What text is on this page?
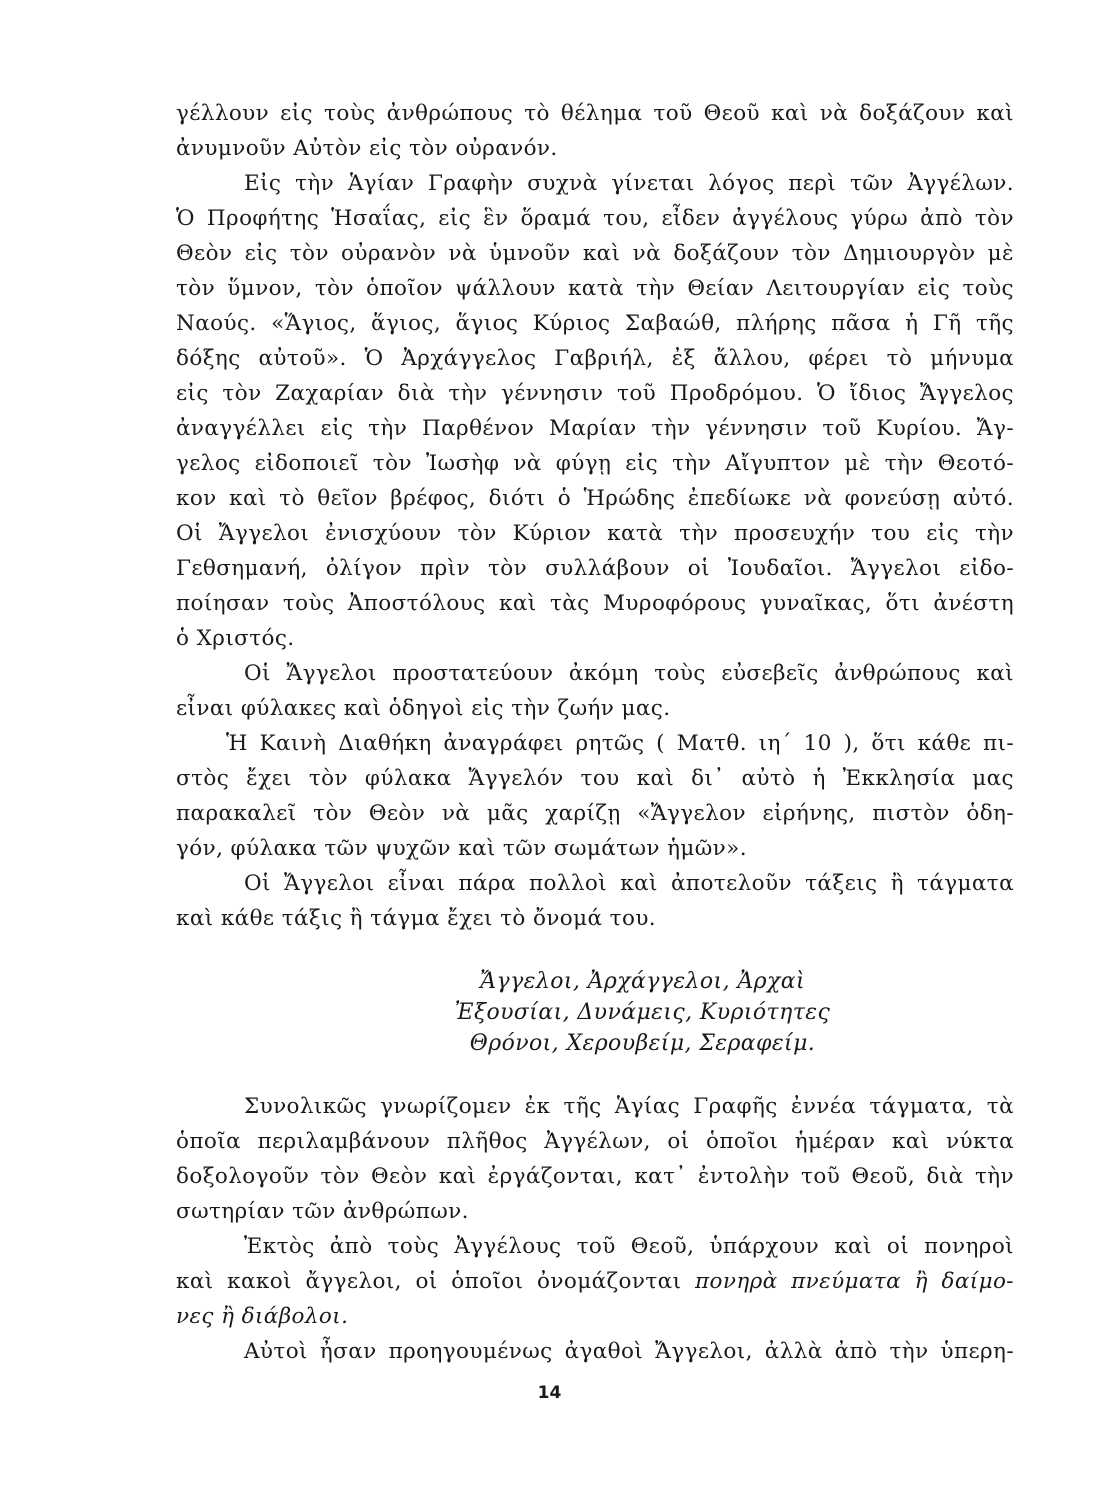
γέλλουν εἰς τοὺς ἀνθρώπους τὸ θέλημα τοῦ Θεοῦ καὶ νὰ δοξάζουν καὶ
ἀνυμνοῦν Αὐτὸν εἰς τὸν οὐρανόν.
Εἰς τὴν Ἁγίαν Γραφὴν συχνὰ γίνεται λόγος περὶ τῶν Ἀγγέλων.
Ὁ Προφήτης Ἡσαΐας, εἰς ἓν ὅραμά του, εἶδεν ἀγγέλους γύρω ἀπὸ τὸν
Θεὸν εἰς τὸν οὐρανὸν νὰ ὑμνοῦν καὶ νὰ δοξάζουν τὸν Δημιουργὸν μὲ
τὸν ὕμνον, τὸν ὁποῖον ψάλλουν κατὰ τὴν Θείαν Λειτουργίαν εἰς τοὺς
Ναούς. «Ἅγιος, ἅγιος, ἅγιος Κύριος Σαβαώθ, πλήρης πᾶσα ἡ Γῆ τῆς
δόξης αὐτοῦ». Ὁ Ἀρχάγγελος Γαβριήλ, ἐξ ἄλλου, φέρει τὸ μήνυμα
εἰς τὸν Ζαχαρίαν διὰ τὴν γέννησιν τοῦ Προδρόμου. Ὁ ἴδιος Ἄγγελος
ἀναγγέλλει εἰς τὴν Παρθένον Μαρίαν τὴν γέννησιν τοῦ Κυρίου. Ἄγ-
γελος εἰδοποιεῖ τὸν Ἰωσὴφ νὰ φύγῃ εἰς τὴν Αἴγυπτον μὲ τὴν Θεοτό-
κον καὶ τὸ θεῖον βρέφος, διότι ὁ Ἡρώδης ἐπεδίωκε νὰ φονεύσῃ αὐτό.
Οἱ Ἄγγελοι ἐνισχύουν τὸν Κύριον κατὰ τὴν προσευχήν του εἰς τὴν
Γεθσημανή, ὀλίγον πρὶν τὸν συλλάβουν οἱ Ἰουδαῖοι. Ἄγγελοι εἰδο-
ποίησαν τοὺς Ἀποστόλους καὶ τὰς Μυροφόρους γυναῖκας, ὅτι ἀνέστη
ὁ Χριστός.
Οἱ Ἄγγελοι προστατεύουν ἀκόμη τοὺς εὐσεβεῖς ἀνθρώπους καὶ
εἶναι φύλακες καὶ ὁδηγοὶ εἰς τὴν ζωήν μας.
Ἡ Καινὴ Διαθήκη ἀναγράφει ρητῶς ( Ματθ. ιη΄ 10 ), ὅτι κάθε πι-
στὸς ἔχει τὸν φύλακα Ἄγγελόν του καὶ δι᾽ αὐτὸ ἡ Ἐκκλησία μας
παρακαλεῖ τὸν Θεὸν νὰ μᾶς χαρίζῃ «Ἄγγελον εἰρήνης, πιστὸν ὁδη-
γόν, φύλακα τῶν ψυχῶν καὶ τῶν σωμάτων ἡμῶν».
Οἱ Ἄγγελοι εἶναι πάρα πολλοὶ καὶ ἀποτελοῦν τάξεις ἢ τάγματα
καὶ κάθε τάξις ἢ τάγμα ἔχει τὸ ὄνομά του.
Ἄγγελοι, Ἀρχάγγελοι, Ἀρχαὶ
Ἐξουσίαι, Δυνάμεις, Κυριότητες
Θρόνοι, Χερουβείμ, Σεραφείμ.
Συνολικῶς γνωρίζομεν ἐκ τῆς Ἁγίας Γραφῆς ἐννέα τάγματα, τὰ
ὁποῖα περιλαμβάνουν πλῆθος Ἀγγέλων, οἱ ὁποῖοι ἡμέραν καὶ νύκτα
δοξολογοῦν τὸν Θεὸν καὶ ἐργάζονται, κατ᾽ ἐντολὴν τοῦ Θεοῦ, διὰ τὴν
σωτηρίαν τῶν ἀνθρώπων.
Ἐκτὸς ἀπὸ τοὺς Ἀγγέλους τοῦ Θεοῦ, ὑπάρχουν καὶ οἱ πονηροὶ
καὶ κακοὶ ἄγγελοι, οἱ ὁποῖοι ὀνομάζονται πονηρὰ πνεύματα ἢ δαίμο-
νες ἢ διάβολοι.
Αὐτοὶ ἦσαν προηγουμένως ἀγαθοὶ Ἄγγελοι, ἀλλὰ ἀπὸ τὴν ὑπερη-
14
